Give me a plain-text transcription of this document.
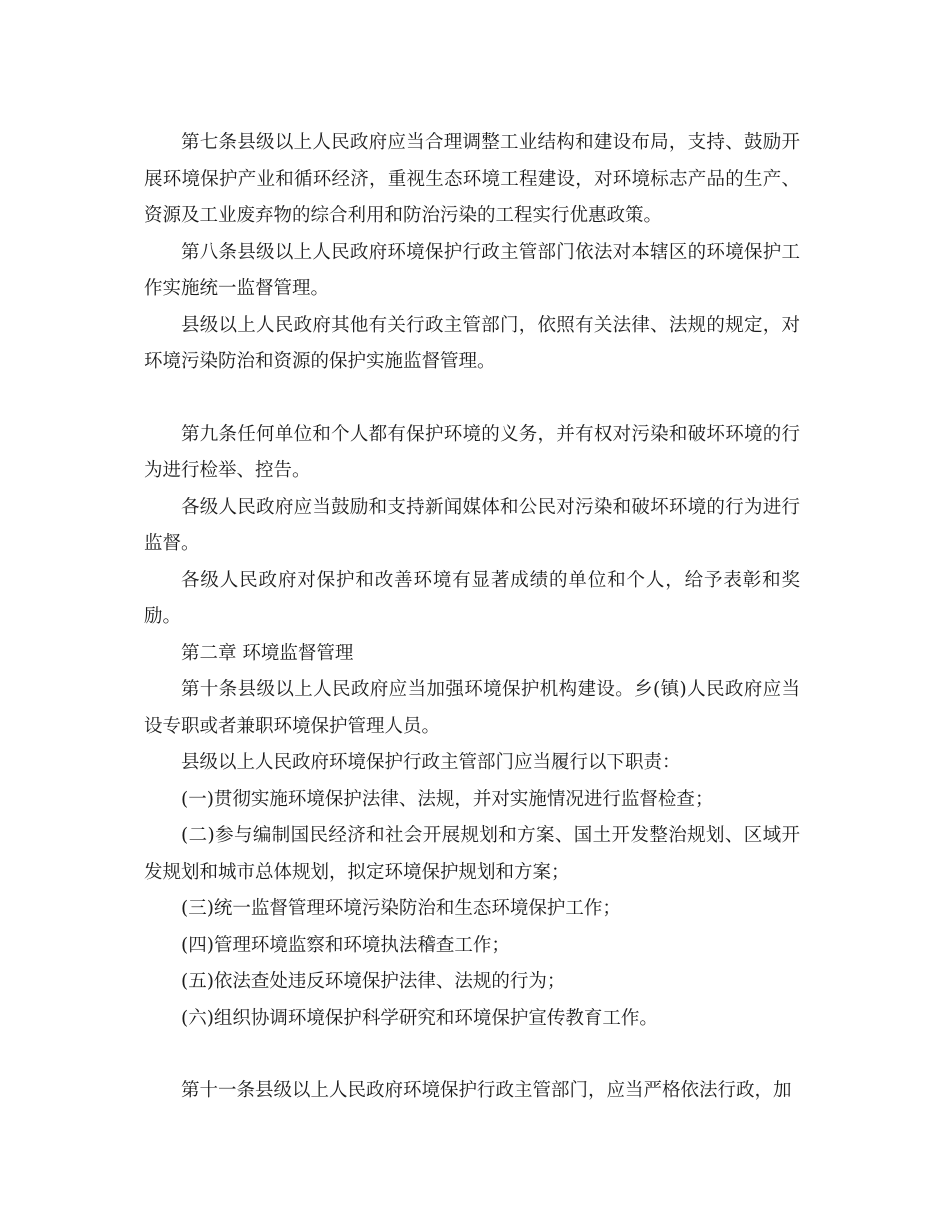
第七条县级以上人民政府应当合理调整工业结构和建设布局，支持、鼓励开展环境保护产业和循环经济，重视生态环境工程建设，对环境标志产品的生产、资源及工业废弃物的综合利用和防治污染的工程实行优惠政策。

第八条县级以上人民政府环境保护行政主管部门依法对本辖区的环境保护工作实施统一监督管理。

县级以上人民政府其他有关行政主管部门，依照有关法律、法规的规定，对环境污染防治和资源的保护实施监督管理。

第九条任何单位和个人都有保护环境的义务，并有权对污染和破坏环境的行为进行检举、控告。

各级人民政府应当鼓励和支持新闻媒体和公民对污染和破坏环境的行为进行监督。

各级人民政府对保护和改善环境有显著成绩的单位和个人，给予表彰和奖励。

第二章 环境监督管理

第十条县级以上人民政府应当加强环境保护机构建设。乡(镇)人民政府应当设专职或者兼职环境保护管理人员。

县级以上人民政府环境保护行政主管部门应当履行以下职责：

(一)贯彻实施环境保护法律、法规，并对实施情况进行监督检查；

(二)参与编制国民经济和社会开展规划和方案、国土开发整治规划、区域开发规划和城市总体规划，拟定环境保护规划和方案；

(三)统一监督管理环境污染防治和生态环境保护工作；

(四)管理环境监察和环境执法稽查工作；

(五)依法查处违反环境保护法律、法规的行为；

(六)组织协调环境保护科学研究和环境保护宣传教育工作。

第十一条县级以上人民政府环境保护行政主管部门，应当严格依法行政，加
